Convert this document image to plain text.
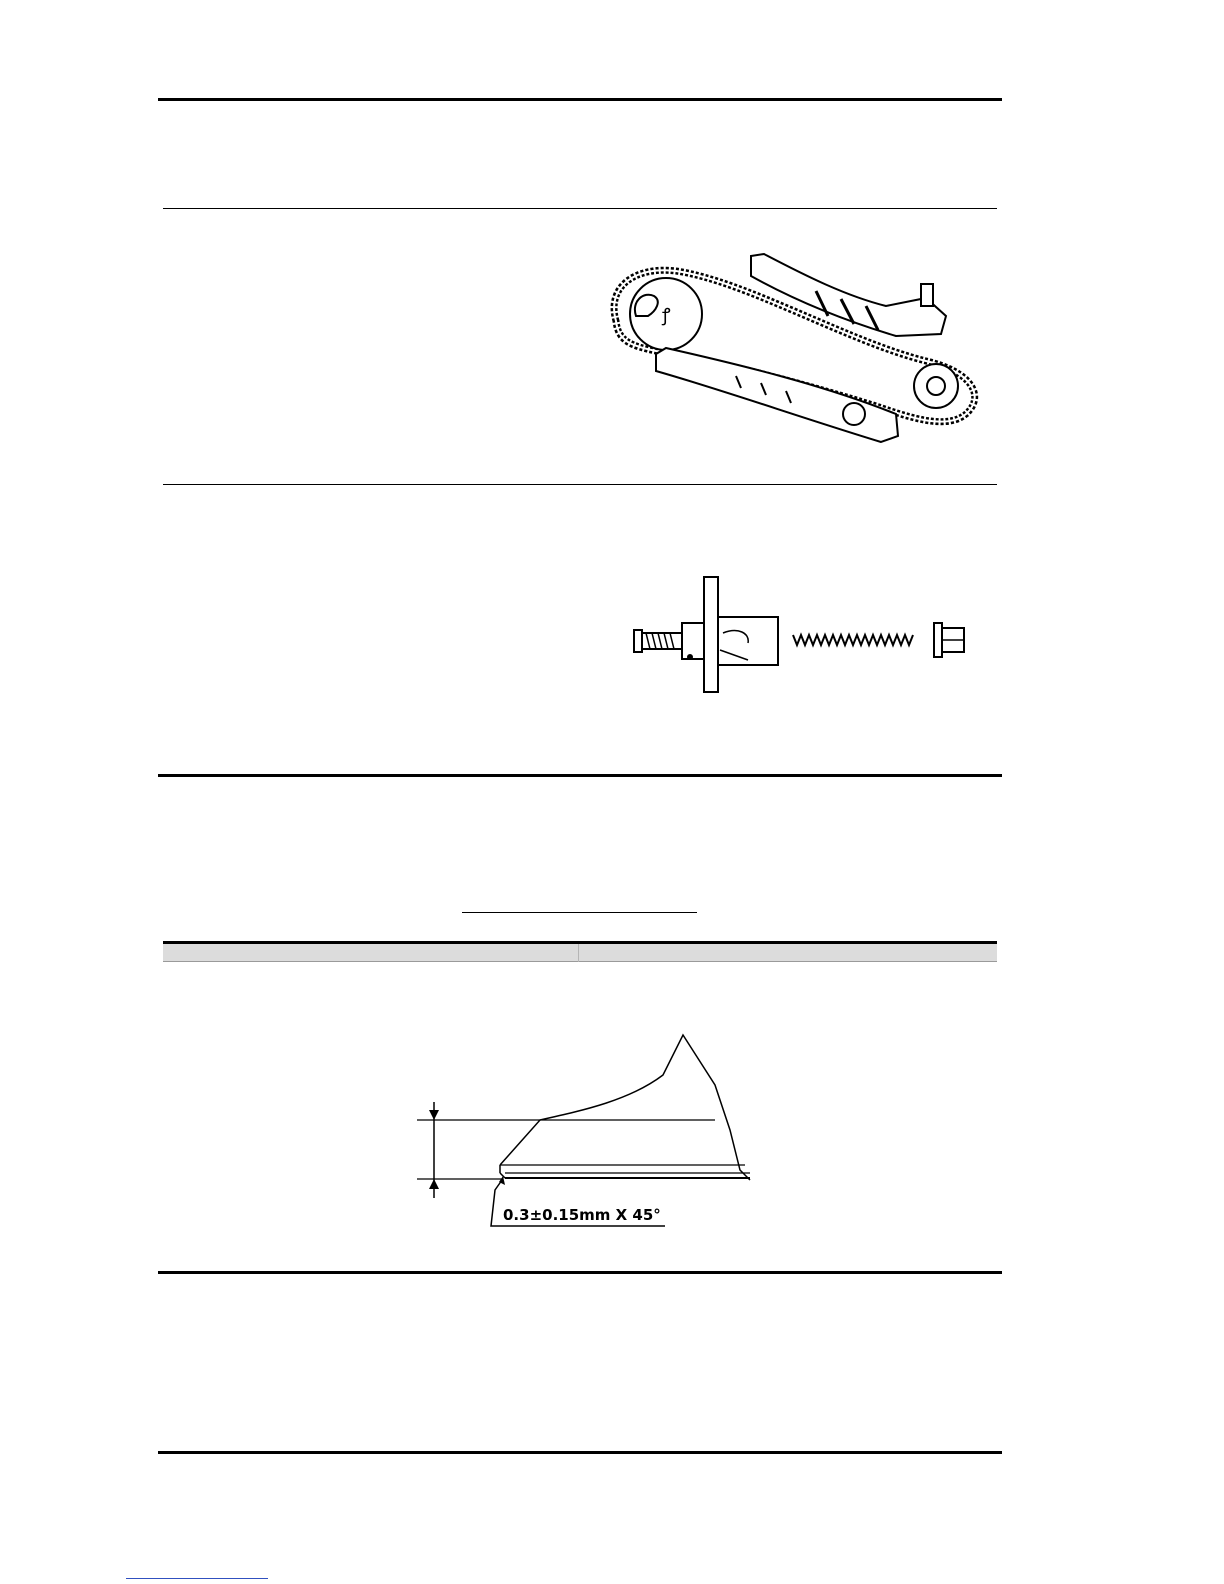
ꝭ
0.3±0.15mm X 45°
